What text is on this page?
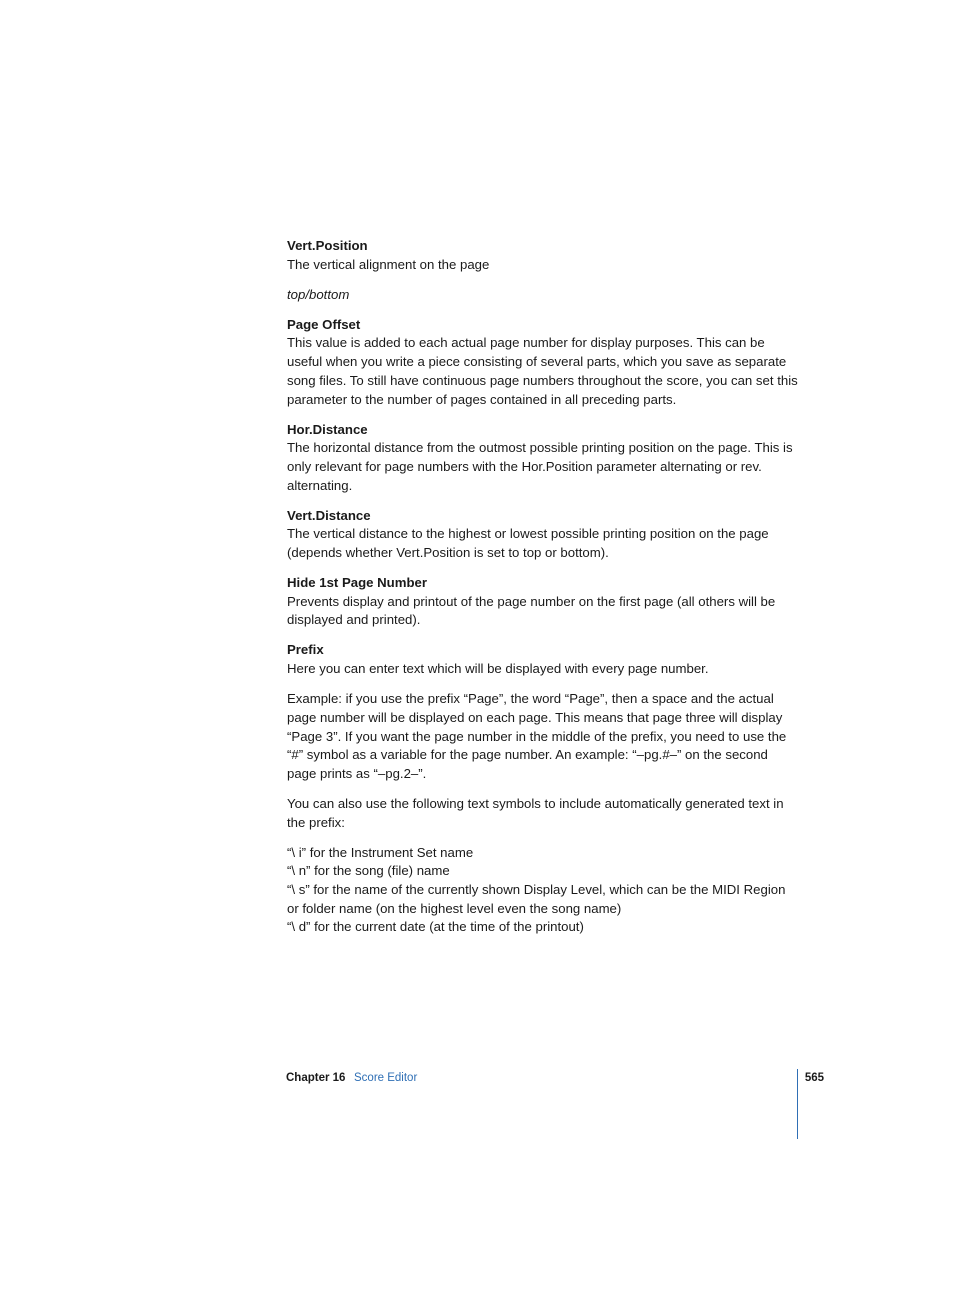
Vert.Position

The vertical alignment on the page

top/bottom

Page Offset

This value is added to each actual page number for display purposes. This can be useful when you write a piece consisting of several parts, which you save as separate song files. To still have continuous page numbers throughout the score, you can set this parameter to the number of pages contained in all preceding parts.

Hor.Distance

The horizontal distance from the outmost possible printing position on the page. This is only relevant for page numbers with the Hor.Position parameter alternating or rev. alternating.

Vert.Distance

The vertical distance to the highest or lowest possible printing position on the page (depends whether Vert.Position is set to top or bottom).

Hide 1st Page Number

Prevents display and printout of the page number on the first page (all others will be displayed and printed).

Prefix

Here you can enter text which will be displayed with every page number.

Example: if you use the prefix “Page”, the word “Page”, then a space and the actual page number will be displayed on each page. This means that page three will display “Page 3”. If you want the page number in the middle of the prefix, you need to use the “#” symbol as a variable for the page number. An example: “–pg.#–” on the second page prints as “–pg.2–”.

You can also use the following text symbols to include automatically generated text in the prefix:

“\ i” for the Instrument Set name

“\ n” for the song (file) name

“\ s” for the name of the currently shown Display Level, which can be the MIDI Region or folder name (on the highest level even the song name)

“\ d” for the current date (at the time of the printout)

Chapter 16 Score Editor	565
